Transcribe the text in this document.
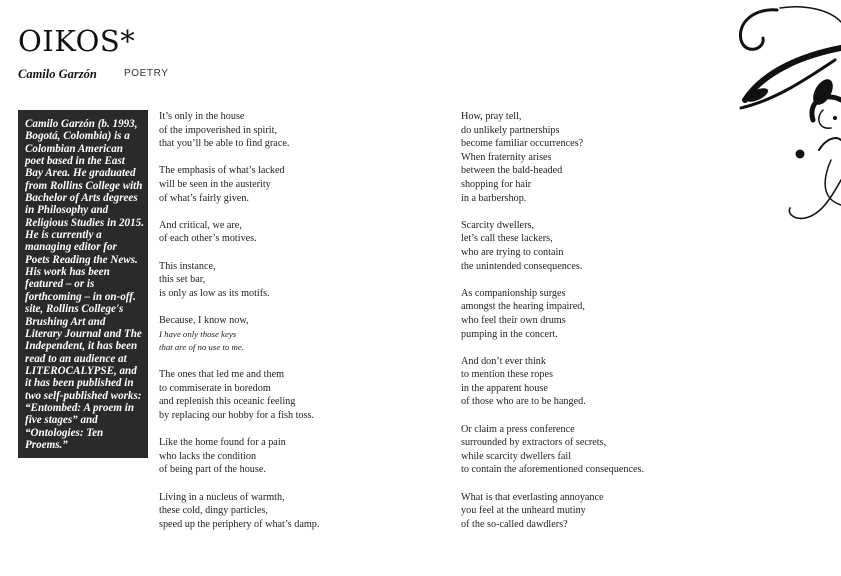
OIKOS*
Camilo Garzón	POETRY
Camilo Garzón (b. 1993, Bogotá, Colombia) is a Colombian American poet based in the East Bay Area. He graduated from Rollins College with Bachelor of Arts degrees in Philosophy and Religious Studies in 2015. He is currently a managing editor for Poets Reading the News. His work has been featured – or is forthcoming – in on-off. site, Rollins College's Brushing Art and Literary Journal and The Independent, it has been read to an audience at LITEROCALYPSE, and it has been published in two self-published works: “Entombed: A proem in five stages” and “Ontologies: Ten Proems.”
It’s only in the house
of the impoverished in spirit,
that you’ll be able to find grace.
The emphasis of what’s lacked
will be seen in the austerity
of what’s fairly given.
And critical, we are,
of each other’s motives.
This instance,
this set bar,
is only as low as its motifs.
Because, I know now,
I have only those keys
that are of no use to me.
The ones that led me and them
to commiserate in boredom
and replenish this oceanic feeling
by replacing our hobby for a fish toss.
Like the home found for a pain
who lacks the condition
of being part of the house.
Living in a nucleus of warmth,
these cold, dingy particles,
speed up the periphery of what’s damp.
How, pray tell,
do unlikely partnerships
become familiar occurrences?
When fraternity arises
between the bald-headed
shopping for hair
in a barbershop.
Scarcity dwellers,
let’s call these lackers,
who are trying to contain
the unintended consequences.
As companionship surges
amongst the hearing impaired,
who feel their own drums
pumping in the concert.
And don’t ever think
to mention these ropes
in the apparent house
of those who are to be hanged.
Or claim a press conference
surrounded by extractors of secrets,
while scarcity dwellers fail
to contain the aforementioned consequences.
What is that everlasting annoyance
you feel at the unheard mutiny
of the so-called dawdlers?
